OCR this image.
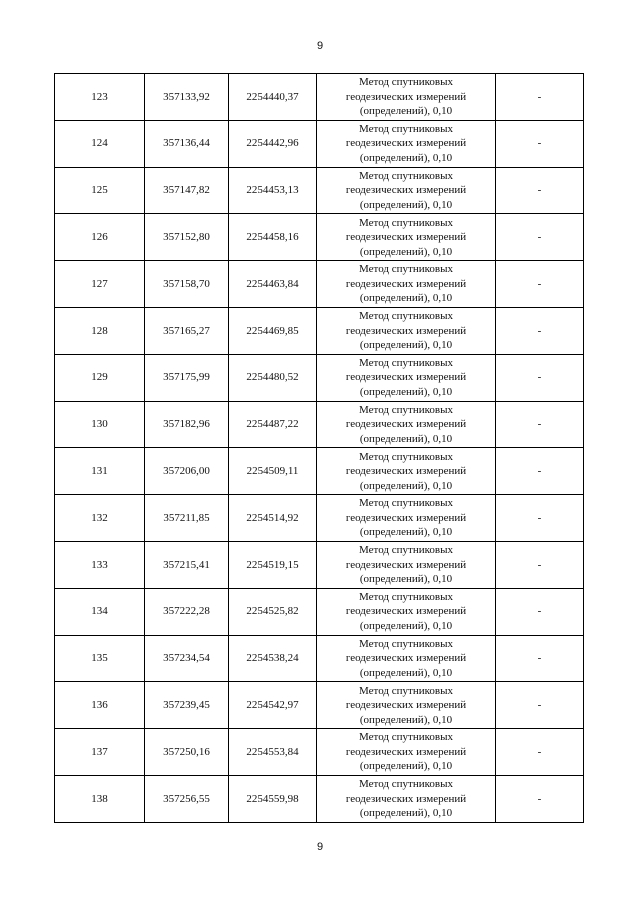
9
123	357133,92	2254440,37	Метод спутниковых
геодезических измерений
(определений), 0,10	-
124	357136,44	2254442,96	Метод спутниковых
геодезических измерений
(определений), 0,10	-
125	357147,82	2254453,13	Метод спутниковых
геодезических измерений
(определений), 0,10	-
126	357152,80	2254458,16	Метод спутниковых
геодезических измерений
(определений), 0,10	-
127	357158,70	2254463,84	Метод спутниковых
геодезических измерений
(определений), 0,10	-
128	357165,27	2254469,85	Метод спутниковых
геодезических измерений
(определений), 0,10	-
129	357175,99	2254480,52	Метод спутниковых
геодезических измерений
(определений), 0,10	-
130	357182,96	2254487,22	Метод спутниковых
геодезических измерений
(определений), 0,10	-
131	357206,00	2254509,11	Метод спутниковых
геодезических измерений
(определений), 0,10	-
132	357211,85	2254514,92	Метод спутниковых
геодезических измерений
(определений), 0,10	-
133	357215,41	2254519,15	Метод спутниковых
геодезических измерений
(определений), 0,10	-
134	357222,28	2254525,82	Метод спутниковых
геодезических измерений
(определений), 0,10	-
135	357234,54	2254538,24	Метод спутниковых
геодезических измерений
(определений), 0,10	-
136	357239,45	2254542,97	Метод спутниковых
геодезических измерений
(определений), 0,10	-
137	357250,16	2254553,84	Метод спутниковых
геодезических измерений
(определений), 0,10	-
138	357256,55	2254559,98	Метод спутниковых
геодезических измерений
(определений), 0,10	-
9
